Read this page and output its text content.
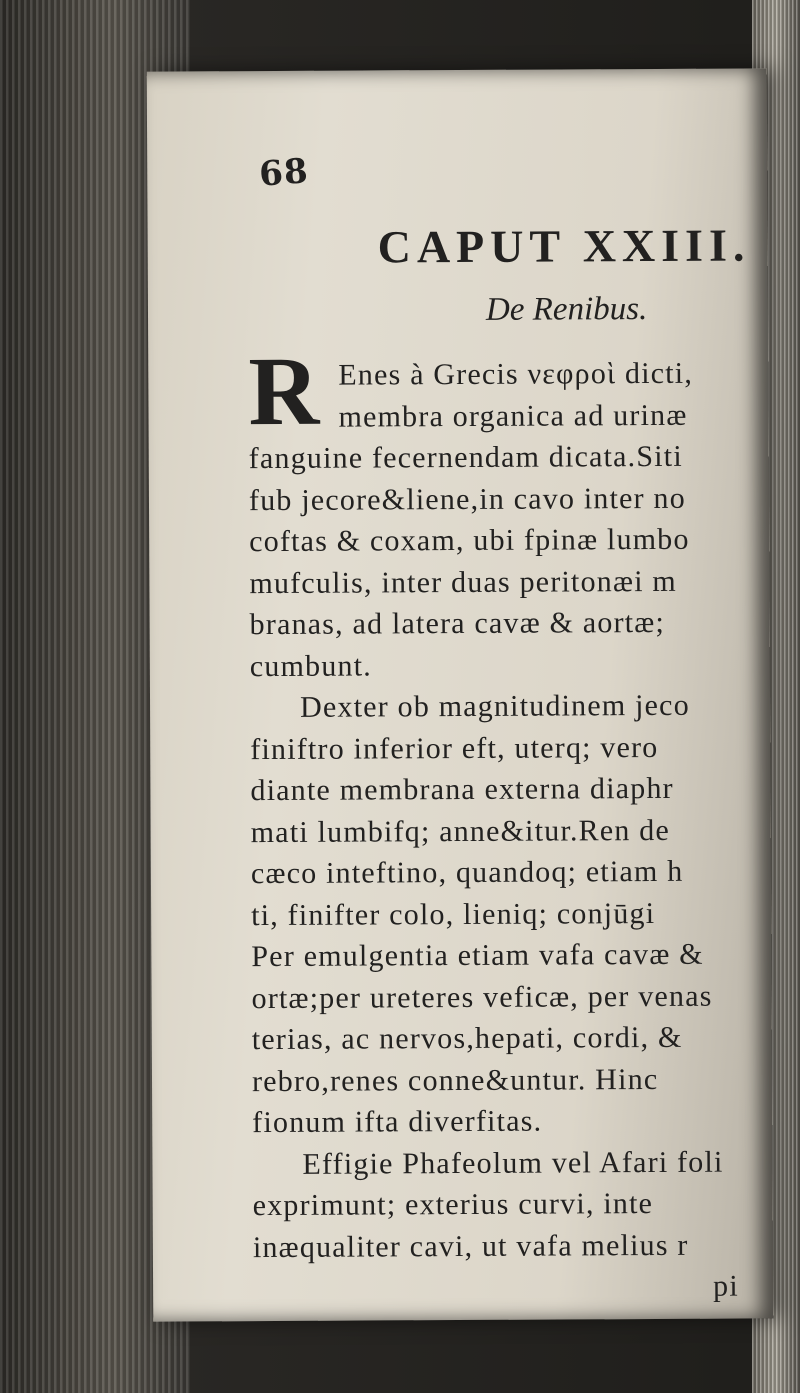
68
CAPUT XXIII.
De Renibus.
R Enes à Grecis νεφροὶ dicti,
membra organica ad urinæ
fanguine fecernendam dicata.Siti
fub jecore&liene,in cavo inter no
coftas & coxam, ubi fpinæ lumbo
mufculis, inter duas peritonæi m
branas, ad latera cavæ & aortæ;
cumbunt.
Dexter ob magnitudinem jeco
finiftro inferior eft, uterq; vero
diante membrana externa diaphr
mati lumbifq; anne&itur.Ren de
cæco inteftino, quandoq; etiam h
ti, finifter colo, lieniq; conjūgi
Per emulgentia etiam vafa cavæ &
ortæ;per ureteres veficæ, per venas
terias, ac nervos,hepati, cordi, &
rebro,renes conne&untur. Hinc
fionum ifta diverfitas.
Effigie Phafeolum vel Afari foli
exprimunt; exterius curvi, inte
inæqualiter cavi, ut vafa melius r
pi
